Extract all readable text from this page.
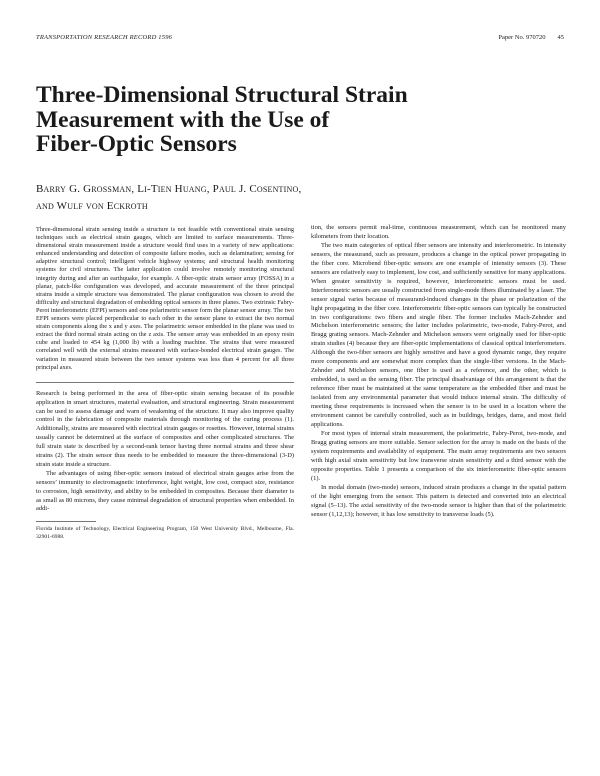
TRANSPORTATION RESEARCH RECORD 1596	Paper No. 970720 45
Three-Dimensional Structural Strain
Measurement with the Use of
Fiber-Optic Sensors
Barry G. Grossman, Li-Tien Huang, Paul J. Cosentino,
and Wulf von Eckroth

Three-dimensional strain sensing inside a structure is not feasible with conventional strain sensing techniques such as electrical strain gauges, which are limited to surface measurements. Three-dimensional strain measurement inside a structure would find uses in a variety of new applications: enhanced understanding and detection of composite failure modes, such as delamination; sensing for adaptive structural control; intelligent vehicle highway systems; and structural health monitoring systems for civil structures. The latter application could involve remotely monitoring structural integrity during and after an earthquake, for example. A fiber-optic strain sensor array (FOSSA) in a planar, patch-like configuration was developed, and accurate measurement of the three principal strains inside a simple structure was demonstrated. The planar configuration was chosen to avoid the difficulty and structural degradation of embedding optical sensors in three planes. Two extrinsic Fabry-Perot interferometric (EFPI) sensors and one polarimetric sensor form the planar sensor array. The two EFPI sensors were placed perpendicular to each other in the sensor plane to extract the two normal strain components along the x and y axes. The polarimetric sensor embedded in the plane was used to extract the third normal strain acting on the z axis. The sensor array was embedded in an epoxy resin cube and loaded to 454 kg (1,000 lb) with a loading machine. The strains that were measured correlated well with the external strains measured with surface-bonded electrical strain gauges. The variation in measured strain between the two sensor systems was less than 4 percent for all three principal axes.

Research is being performed in the area of fiber-optic strain sensing because of its possible application in smart structures, material evaluation, and structural engineering. Strain measurement can be used to assess damage and warn of weakening of the structure. It may also improve quality control in the fabrication of composite materials through monitoring of the curing process (1). Additionally, strains are measured with electrical strain gauges or rosettes. However, internal strains usually cannot be determined at the surface of composites and other complicated structures. The full strain state is described by a second-rank tensor having three normal strains and three shear strains (2). The strain sensor thus needs to be embedded to measure the three-dimensional (3-D) strain state inside a structure.

The advantages of using fiber-optic sensors instead of electrical strain gauges arise from the sensors’ immunity to electromagnetic interference, light weight, low cost, compact size, resistance to corrosion, high sensitivity, and ability to be embedded in composites. Because their diameter is as small as 80 microns, they cause minimal degradation of structural properties when embedded. In addi-

Florida Institute of Technology, Electrical Engineering Program, 150 West University Blvd., Melbourne, Fla. 32901-6988.

tion, the sensors permit real-time, continuous measurement, which can be monitored many kilometers from their location.

The two main categories of optical fiber sensors are intensity and interferometric. In intensity sensors, the measurand, such as pressure, produces a change in the optical power propagating in the fiber core. Microbend fiber-optic sensors are one example of intensity sensors (3). These sensors are relatively easy to implement, low cost, and sufficiently sensitive for many applications. When greater sensitivity is required, however, interferometric sensors must be used. Interferometric sensors are usually constructed from single-mode fibers illuminated by a laser. The sensor signal varies because of measurand-induced changes in the phase or polarization of the light propagating in the fiber core. Interferometric fiber-optic sensors can typically be constructed in two configurations: two fibers and single fiber. The former includes Mach-Zehnder and Michelson interferometric sensors; the latter includes polarimetric, two-mode, Fabry-Perot, and Bragg grating sensors. Mach-Zehnder and Michelson sensors were originally used for fiber-optic strain studies (4) because they are fiber-optic implementations of classical optical interferometers. Although the two-fiber sensors are highly sensitive and have a good dynamic range, they require more components and are somewhat more complex than the single-fiber versions. In the Mach-Zehnder and Michelson sensors, one fiber is used as a reference, and the other, which is embedded, is used as the sensing fiber. The principal disadvantage of this arrangement is that the reference fiber must be maintained at the same temperature as the embedded fiber and must be isolated from any environmental parameter that would induce internal strain. The difficulty of meeting these requirements is increased when the sensor is to be used in a location where the environment cannot be carefully controlled, such as in buildings, bridges, dams, and most field applications.

For most types of internal strain measurement, the polarimetric, Fabry-Perot, two-mode, and Bragg grating sensors are more suitable. Sensor selection for the array is made on the basis of the system requirements and availability of equipment. The main array requirements are two sensors with high axial strain sensitivity but low transverse strain sensitivity and a third sensor with the opposite properties. Table 1 presents a comparison of the six interferometric fiber-optic sensors (1).

In modal domain (two-mode) sensors, induced strain produces a change in the spatial pattern of the light emerging from the sensor. This pattern is detected and converted into an electrical signal (5–13). The axial sensitivity of the two-mode sensor is higher than that of the polarimetric sensor (1,12,13); however, it has low sensitivity to transverse loads (5).
